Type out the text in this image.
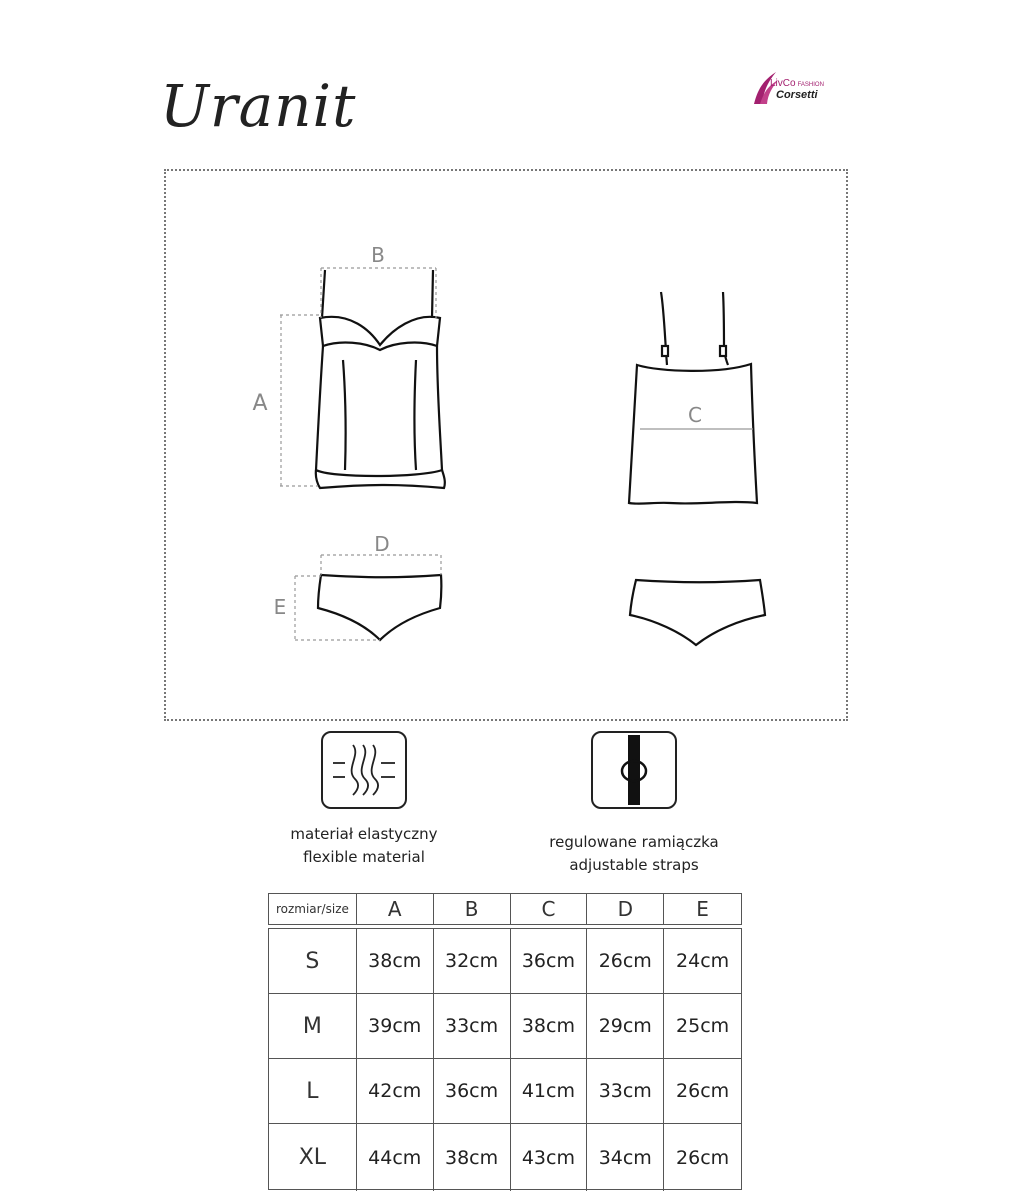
Uranit	LivCo FASHION
Corsetti
B
A	C
D
E
materiał elastyczny
flexible material
regulowane ramiączka
adjustable straps
rozmiar/size	A	B	C	D	E
S	38cm	32cm	36cm	26cm	24cm
M	39cm	33cm	38cm	29cm	25cm
L	42cm	36cm	41cm	33cm	26cm
XL	44cm	38cm	43cm	34cm	26cm
